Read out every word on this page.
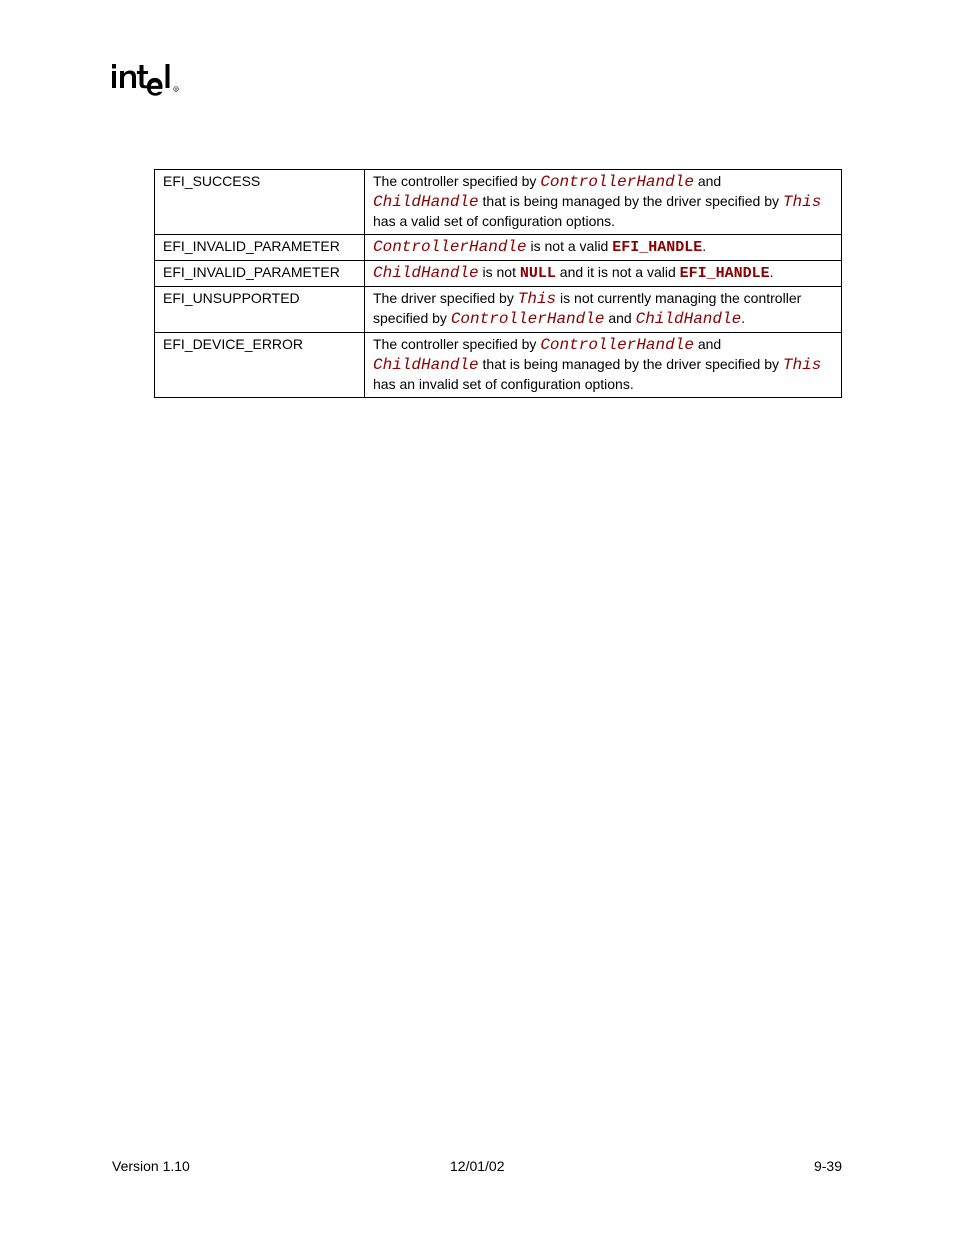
R
EFI_SUCCESS	The controller specified by ControllerHandle and
ChildHandle that is being managed by the driver specified by This
has a valid set of configuration options.
EFI_INVALID_PARAMETER	ControllerHandle is not a valid EFI_HANDLE.
EFI_INVALID_PARAMETER	ChildHandle is not NULL and it is not a valid EFI_HANDLE.
EFI_UNSUPPORTED	The driver specified by This is not currently managing the controller specified by ControllerHandle and ChildHandle.
EFI_DEVICE_ERROR	The controller specified by ControllerHandle and
ChildHandle that is being managed by the driver specified by This
has an invalid set of configuration options.
Version 1.10	12/01/02	9-39
